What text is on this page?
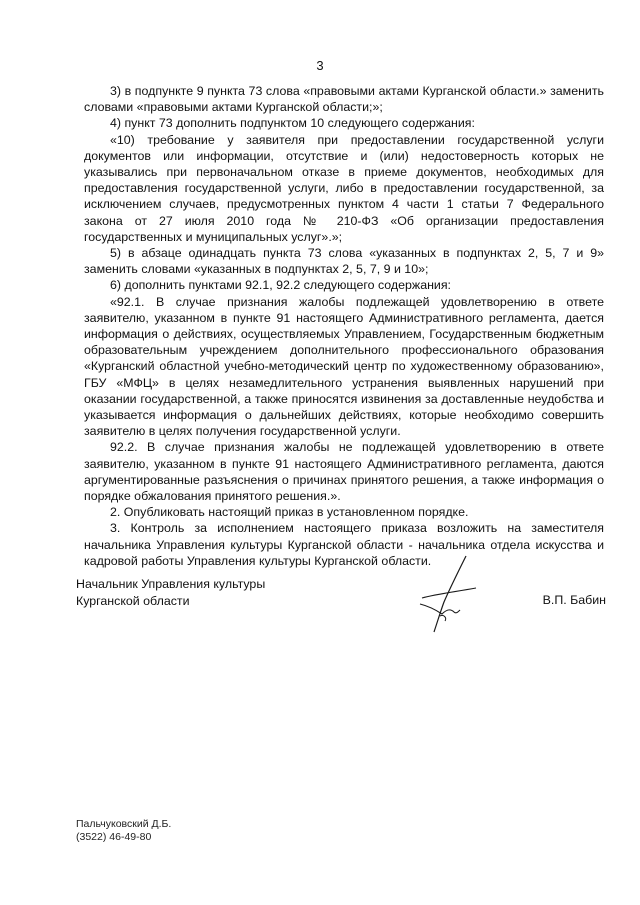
3

3) в подпункте 9 пункта 73 слова «правовыми актами Курганской области.» заменить словами «правовыми актами Курганской области;»;

4) пункт 73 дополнить подпунктом 10 следующего содержания:

«10) требование у заявителя при предоставлении государственной услуги документов или информации, отсутствие и (или) недостоверность которых не указывались при первоначальном отказе в приеме документов, необходимых для предоставления государственной услуги, либо в предоставлении государственной, за исключением случаев, предусмотренных пунктом 4 части 1 статьи 7 Федерального закона от 27 июля 2010 года № 210-ФЗ «Об организации предоставления государственных и муниципальных услуг».»;

5) в абзаце одинадцать пункта 73 слова «указанных в подпунктах 2, 5, 7 и 9» заменить словами «указанных в подпунктах 2, 5, 7, 9 и 10»;

6) дополнить пунктами 92.1, 92.2 следующего содержания:

«92.1. В случае признания жалобы подлежащей удовлетворению в ответе заявителю, указанном в пункте 91 настоящего Административного регламента, дается информация о действиях, осуществляемых Управлением, Государственным бюджетным образовательным учреждением дополнительного профессионального образования «Курганский областной учебно-методический центр по художественному образованию», ГБУ «МФЦ» в целях незамедлительного устранения выявленных нарушений при оказании государственной, а также приносятся извинения за доставленные неудобства и указывается информация о дальнейших действиях, которые необходимо совершить заявителю в целях получения государственной услуги.

92.2. В случае признания жалобы не подлежащей удовлетворению в ответе заявителю, указанном в пункте 91 настоящего Административного регламента, даются аргументированные разъяснения о причинах принятого решения, а также информация о порядке обжалования принятого решения.».

2. Опубликовать настоящий приказ в установленном порядке.

3. Контроль за исполнением настоящего приказа возложить на заместителя начальника Управления культуры Курганской области - начальника отдела искусства и кадровой работы Управления культуры Курганской области.

Начальник Управления культуры
Курганской области	В.П. Бабин
Пальчуковский Д.Б.
(3522) 46-49-80
